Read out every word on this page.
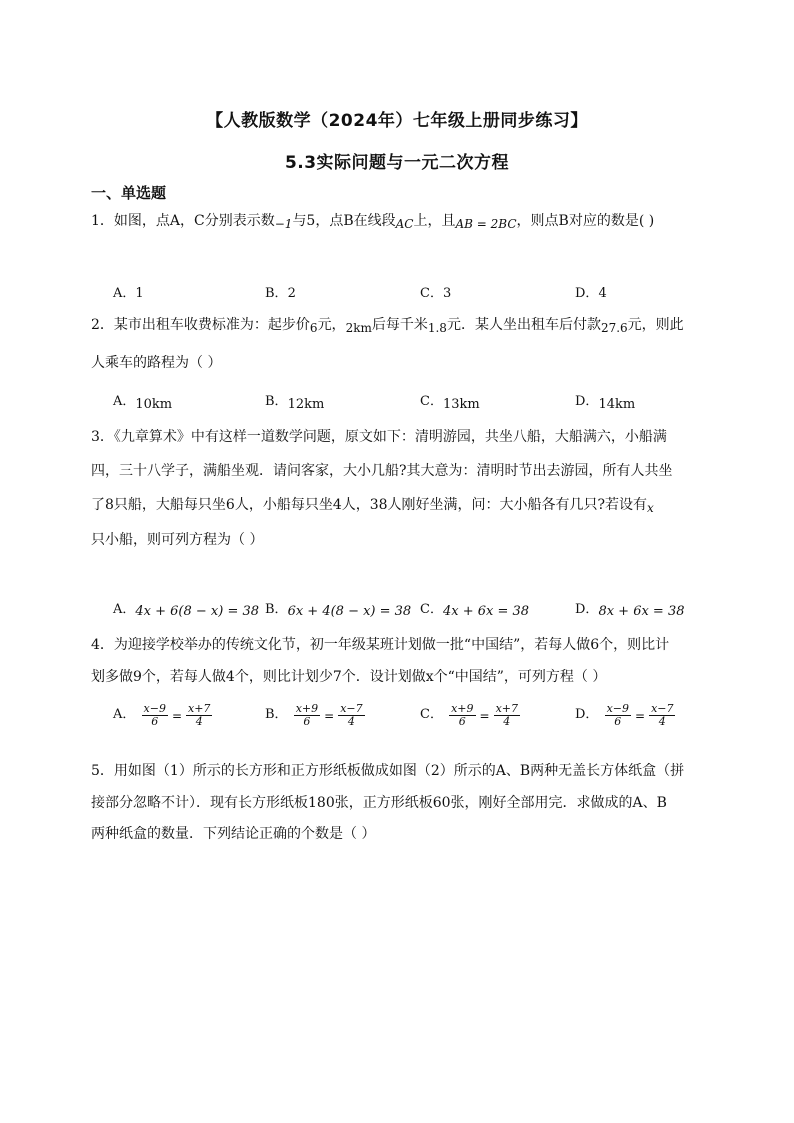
【人教版数学（2024年）七年级上册同步练习】
5.3实际问题与一元二次方程
一、单选题
1．如图，点A，C分别表示数−1与5，点B在线段AC上，且AB = 2BC，则点B对应的数是( )
A．1	B．2	C．3	D．4
2．某市出租车收费标准为：起步价6元，2km后每千米1.8元．某人坐出租车后付款27.6元，则此
人乘车的路程为（ ）
A．10km	B．12km	C．13km	D．14km
3．《九章算术》中有这样一道数学问题，原文如下：清明游园，共坐八船，大船满六，小船满
四，三十八学子，满船坐观．请问客家，大小几船?其大意为：清明时节出去游园，所有人共坐
了8只船，大船每只坐6人，小船每只坐4人，38人刚好坐满，问：大小船各有几只?若设有x
只小船，则可列方程为（ ）
A．4x + 6(8 − x) = 38 B．6x + 4(8 − x) = 38 C．4x + 6x = 38	D．8x + 6x = 38
4．为迎接学校举办的传统文化节，初一年级某班计划做一批“中国结”，若每人做6个，则比计
划多做9个，若每人做4个，则比计划少7个．设计划做x个“中国结”，可列方程（ ）
A． $\frac{x-9}{6} = \frac{x+7}{4}$	B． $\frac{x+9}{6} = \frac{x-7}{4}$	C． $\frac{x+9}{6} = \frac{x+7}{4}$	D． $\frac{x-9}{6} = \frac{x-7}{4}$
5．用如图（1）所示的长方形和正方形纸板做成如图（2）所示的A、B两种无盖长方体纸盒（拼
接部分忽略不计）．现有长方形纸板180张，正方形纸板60张，刚好全部用完．求做成的A、B
两种纸盒的数量．下列结论正确的个数是（ ）
